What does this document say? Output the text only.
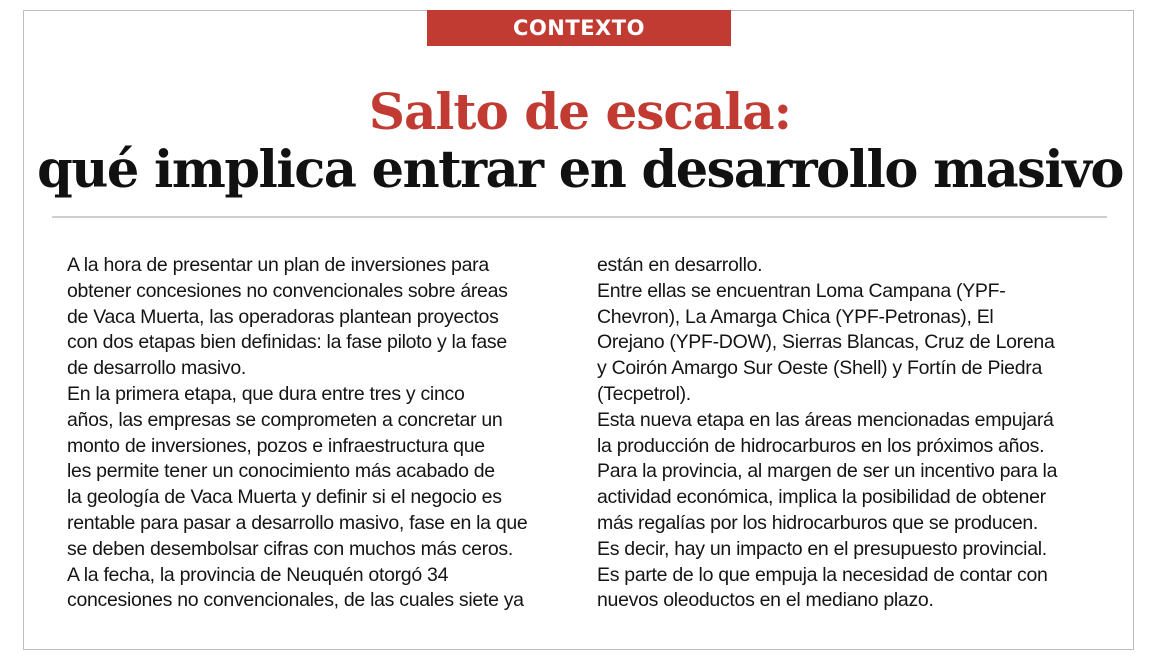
CONTEXTO
Salto de escala:
qué implica entrar en desarrollo masivo
A la hora de presentar un plan de inversiones para
obtener concesiones no convencionales sobre áreas
de Vaca Muerta, las operadoras plantean proyectos
con dos etapas bien definidas: la fase piloto y la fase
de desarrollo masivo.
En la primera etapa, que dura entre tres y cinco
años, las empresas se comprometen a concretar un
monto de inversiones, pozos e infraestructura que
les permite tener un conocimiento más acabado de
la geología de Vaca Muerta y definir si el negocio es
rentable para pasar a desarrollo masivo, fase en la que
se deben desembolsar cifras con muchos más ceros.
A la fecha, la provincia de Neuquén otorgó 34
concesiones no convencionales, de las cuales siete ya
están en desarrollo.
Entre ellas se encuentran Loma Campana (YPF-
Chevron), La Amarga Chica (YPF-Petronas), El
Orejano (YPF-DOW), Sierras Blancas, Cruz de Lorena
y Coirón Amargo Sur Oeste (Shell) y Fortín de Piedra
(Tecpetrol).
Esta nueva etapa en las áreas mencionadas empujará
la producción de hidrocarburos en los próximos años.
Para la provincia, al margen de ser un incentivo para la
actividad económica, implica la posibilidad de obtener
más regalías por los hidrocarburos que se producen.
Es decir, hay un impacto en el presupuesto provincial.
Es parte de lo que empuja la necesidad de contar con
nuevos oleoductos en el mediano plazo.
